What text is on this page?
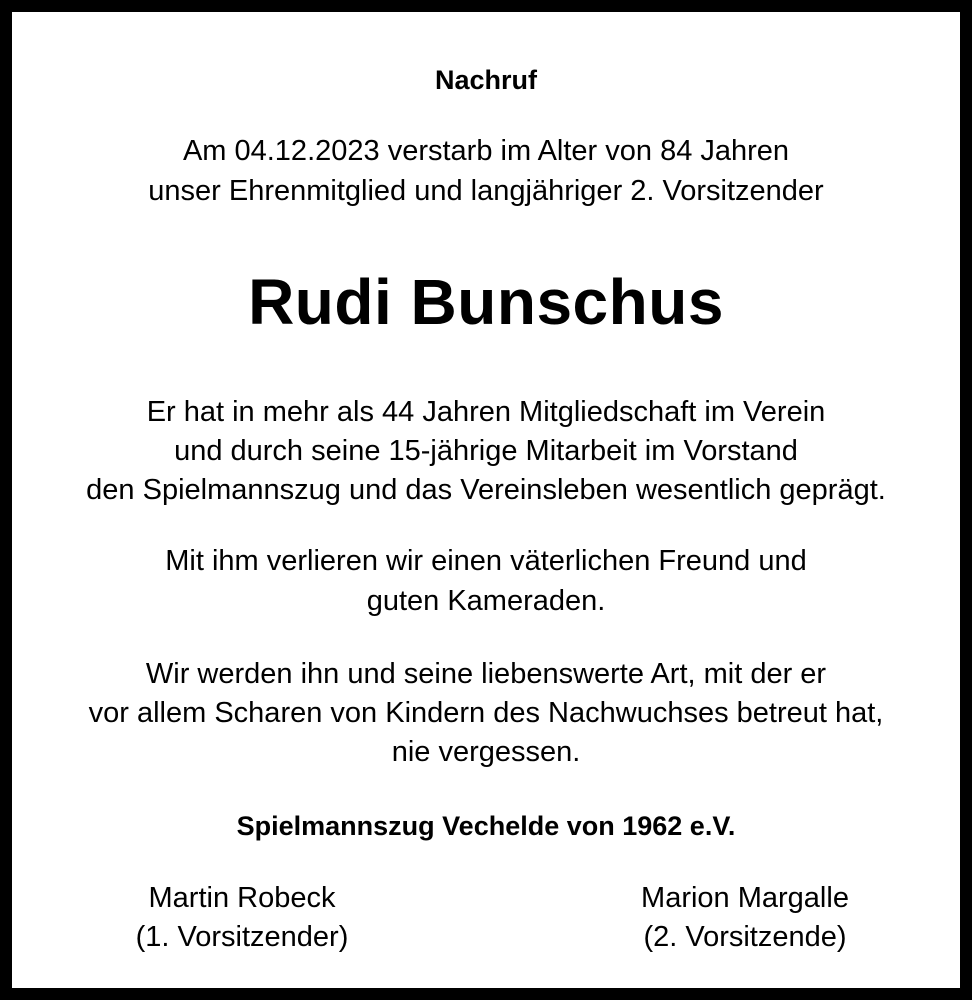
Nachruf
Am 04.12.2023 verstarb im Alter von 84 Jahren
unser Ehrenmitglied und langjähriger 2. Vorsitzender
Rudi Bunschus
Er hat in mehr als 44 Jahren Mitgliedschaft im Verein
und durch seine 15-jährige Mitarbeit im Vorstand
den Spielmannszug und das Vereinsleben wesentlich geprägt.
Mit ihm verlieren wir einen väterlichen Freund und
guten Kameraden.
Wir werden ihn und seine liebenswerte Art, mit der er
vor allem Scharen von Kindern des Nachwuchses betreut hat,
nie vergessen.
Spielmannszug Vechelde von 1962 e.V.
Martin Robeck
(1. Vorsitzender)
Marion Margalle
(2. Vorsitzende)
